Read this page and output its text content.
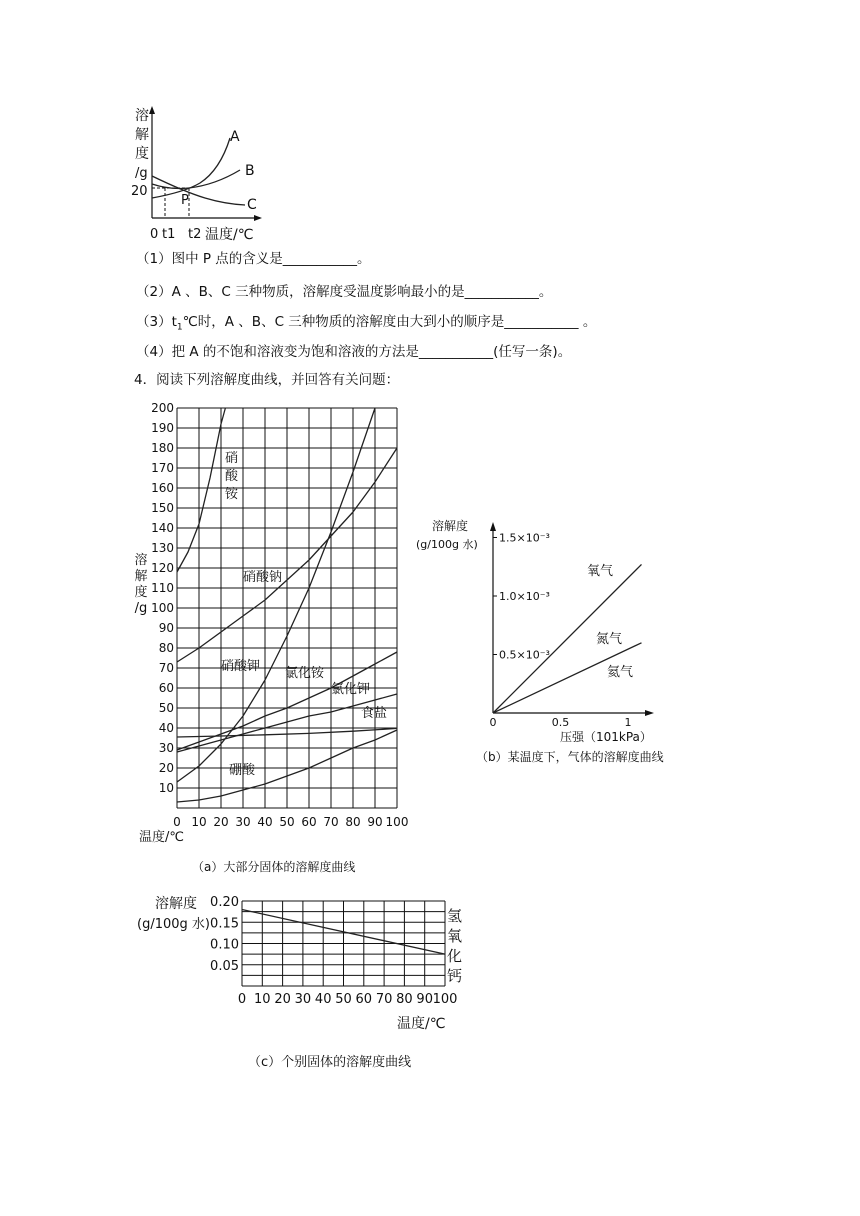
溶
解
度
/g
20
A
B
C
P
0 t1 t2 温度/℃
（1）图中 P 点的含义是___________。
（2）A 、B、C 三种物质，溶解度受温度影响最小的是___________。
$(3)t_1℃$时，A 、B、C 三种物质的溶解度由大到小的顺序是___________ 。
（4）把 A 的不饱和溶液变为饱和溶液的方法是___________(任写一条)。
4．阅读下列溶解度曲线，并回答有关问题：
0 10 20 30 40 50 60 70 80 90 100
10
20
30
40
50
60
70
80
90
100
110
120
130
140
150
160
170
180
190
200
硝
酸
铵
硝酸钠
硝酸钾 氯化铵
氯化钾
食盐
硼酸
温度/℃
溶
解
度
/g
（a）大部分固体的溶解度曲线
溶解度
(g/100g 水)
0	0.5	1
0.5×10⁻³
1.0×10⁻³
1.5×10⁻³
氧气
氮气
氦气
压强（101kPa）
（b）某温度下，气体的溶解度曲线
溶解度
(g/100g 水)
0 10 20 30 40 50 60 70 80 90 100
0.05
0.10
0.15
0.20
氢
氧
化
钙
温度/℃
（c）个别固体的溶解度曲线
